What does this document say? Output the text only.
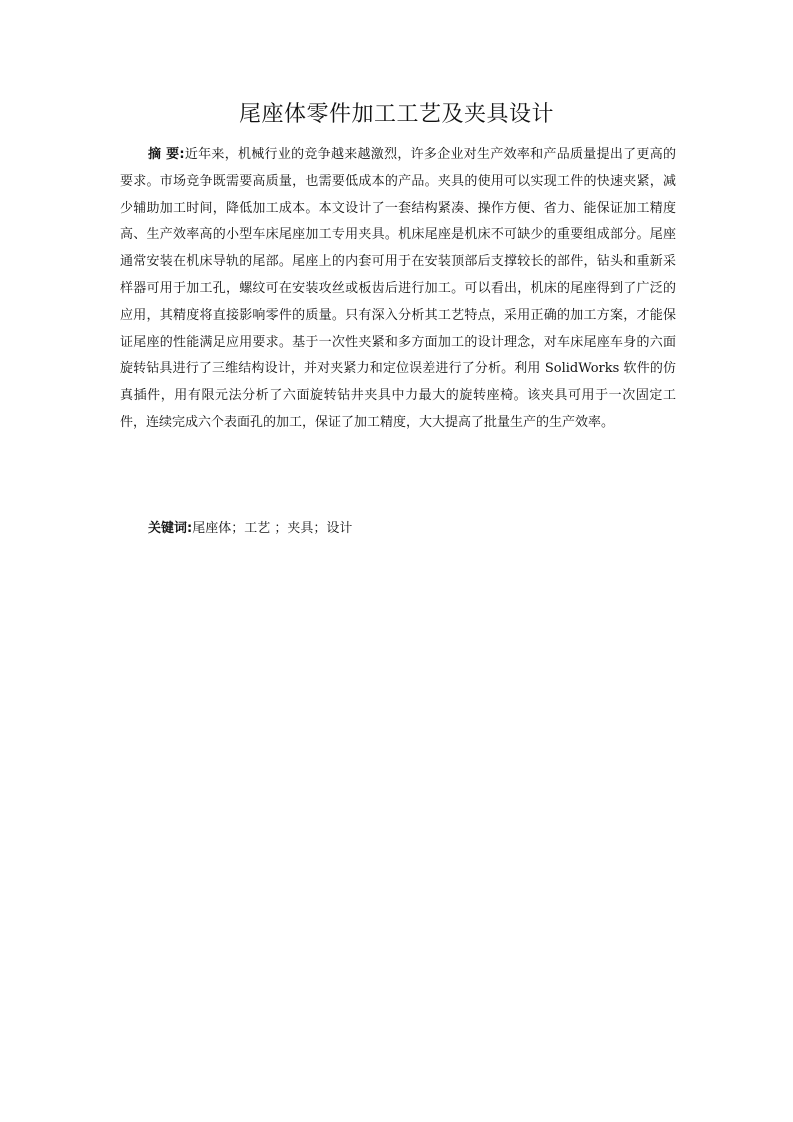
尾座体零件加工工艺及夹具设计

摘 要:近年来，机械行业的竞争越来越激烈，许多企业对生产效率和产品质量提出了更高的要求。市场竞争既需要高质量，也需要低成本的产品。夹具的使用可以实现工件的快速夹紧，减少辅助加工时间，降低加工成本。本文设计了一套结构紧凑、操作方便、省力、能保证加工精度高、生产效率高的小型车床尾座加工专用夹具。机床尾座是机床不可缺少的重要组成部分。尾座通常安装在机床导轨的尾部。尾座上的内套可用于在安装顶部后支撑较长的部件，钻头和重新采样器可用于加工孔，螺纹可在安装攻丝或板齿后进行加工。可以看出，机床的尾座得到了广泛的应用，其精度将直接影响零件的质量。只有深入分析其工艺特点，采用正确的加工方案，才能保证尾座的性能满足应用要求。基于一次性夹紧和多方面加工的设计理念，对车床尾座车身的六面旋转钻具进行了三维结构设计，并对夹紧力和定位误差进行了分析。利用 SolidWorks 软件的仿真插件，用有限元法分析了六面旋转钻井夹具中力最大的旋转座椅。该夹具可用于一次固定工件，连续完成六个表面孔的加工，保证了加工精度，大大提高了批量生产的生产效率。

关键词:尾座体；工艺 ；夹具；设计
